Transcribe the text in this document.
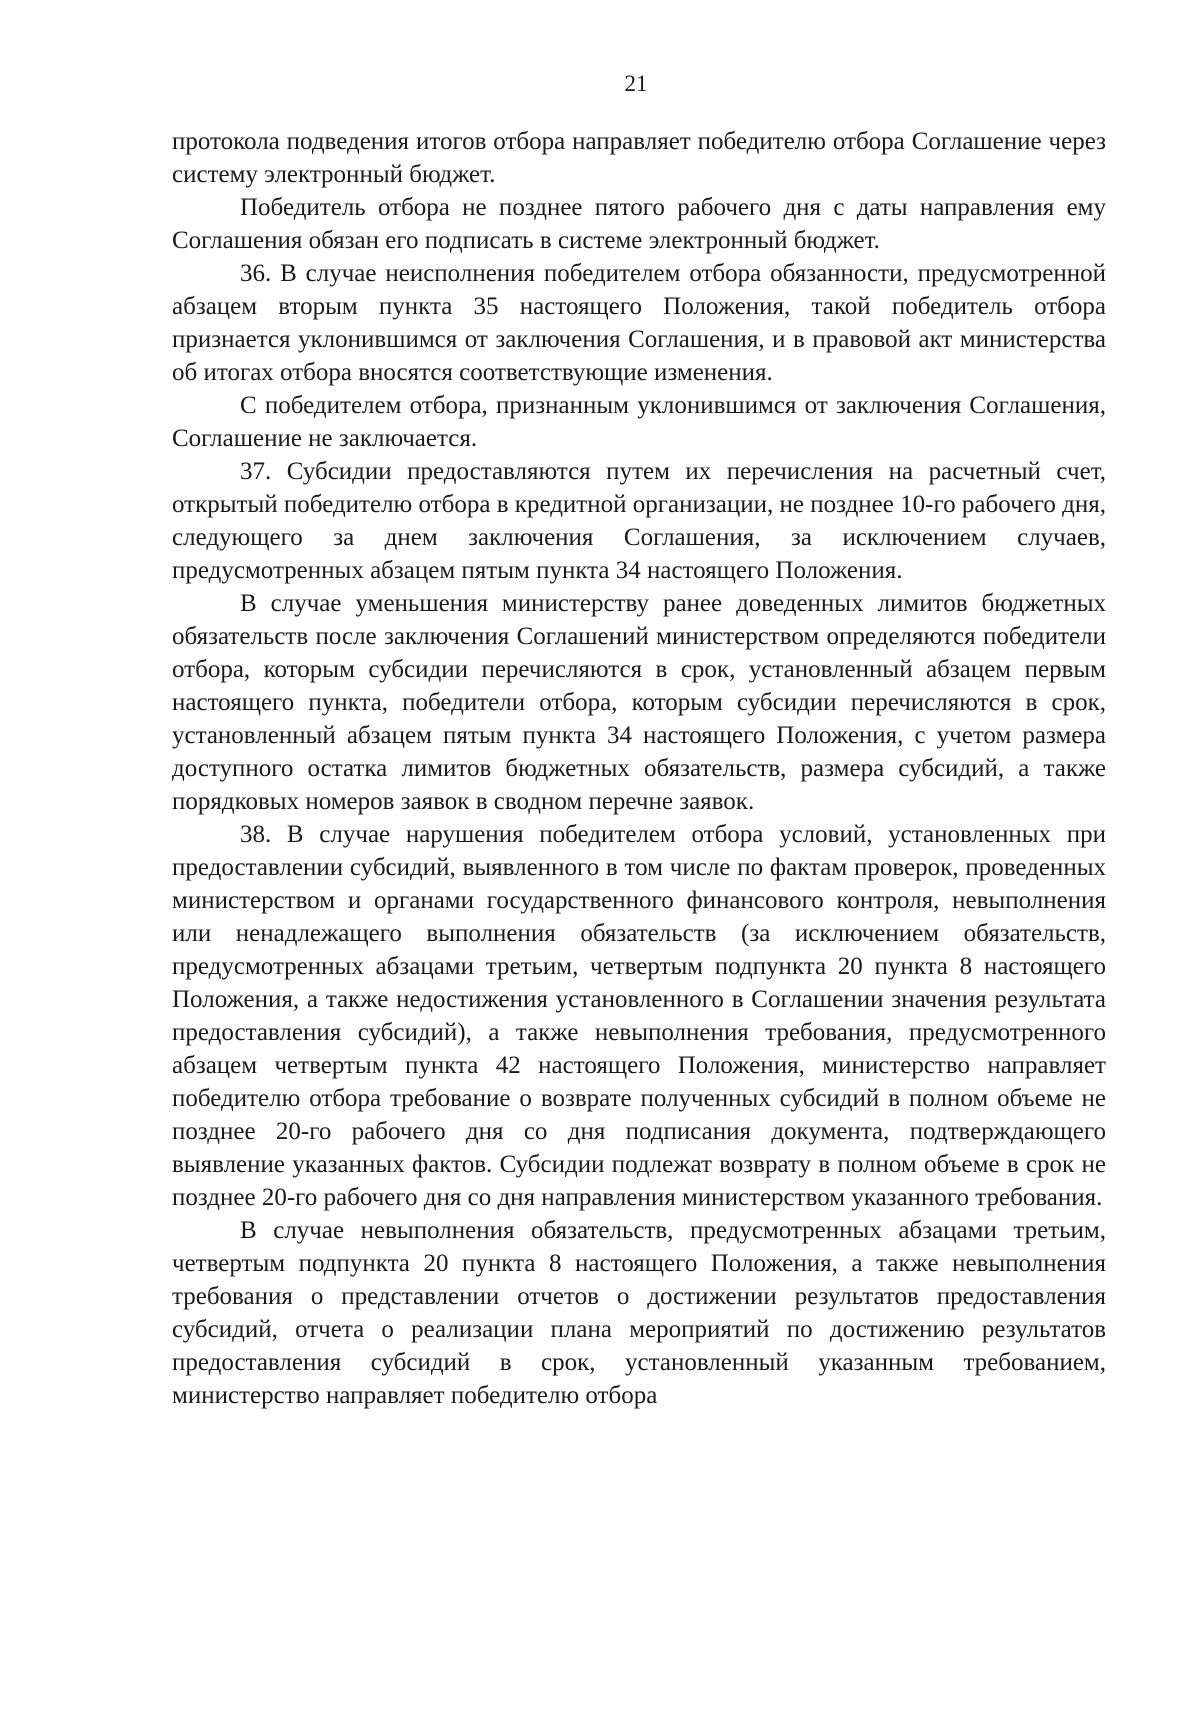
21

протокола подведения итогов отбора направляет победителю отбора Соглашение через систему электронный бюджет.

Победитель отбора не позднее пятого рабочего дня с даты направления ему Соглашения обязан его подписать в системе электронный бюджет.

36. В случае неисполнения победителем отбора обязанности, предусмотренной абзацем вторым пункта 35 настоящего Положения, такой победитель отбора признается уклонившимся от заключения Соглашения, и в правовой акт министерства об итогах отбора вносятся соответствующие изменения.

С победителем отбора, признанным уклонившимся от заключения Соглашения, Соглашение не заключается.

37. Субсидии предоставляются путем их перечисления на расчетный счет, открытый победителю отбора в кредитной организации, не позднее 10-го рабочего дня, следующего за днем заключения Соглашения, за исключением случаев, предусмотренных абзацем пятым пункта 34 настоящего Положения.

В случае уменьшения министерству ранее доведенных лимитов бюджетных обязательств после заключения Соглашений министерством определяются победители отбора, которым субсидии перечисляются в срок, установленный абзацем первым настоящего пункта, победители отбора, которым субсидии перечисляются в срок, установленный абзацем пятым пункта 34 настоящего Положения, с учетом размера доступного остатка лимитов бюджетных обязательств, размера субсидий, а также порядковых номеров заявок в сводном перечне заявок.

38. В случае нарушения победителем отбора условий, установленных при предоставлении субсидий, выявленного в том числе по фактам проверок, проведенных министерством и органами государственного финансового контроля, невыполнения или ненадлежащего выполнения обязательств (за исключением обязательств, предусмотренных абзацами третьим, четвертым подпункта 20 пункта 8 настоящего Положения, а также недостижения установленного в Соглашении значения результата предоставления субсидий), а также невыполнения требования, предусмотренного абзацем четвертым пункта 42 настоящего Положения, министерство направляет победителю отбора требование о возврате полученных субсидий в полном объеме не позднее 20-го рабочего дня со дня подписания документа, подтверждающего выявление указанных фактов. Субсидии подлежат возврату в полном объеме в срок не позднее 20-го рабочего дня со дня направления министерством указанного требования.

В случае невыполнения обязательств, предусмотренных абзацами третьим, четвертым подпункта 20 пункта 8 настоящего Положения, а также невыполнения требования о представлении отчетов о достижении результатов предоставления субсидий, отчета о реализации плана мероприятий по достижению результатов предоставления субсидий в срок, установленный указанным требованием, министерство направляет победителю отбора
